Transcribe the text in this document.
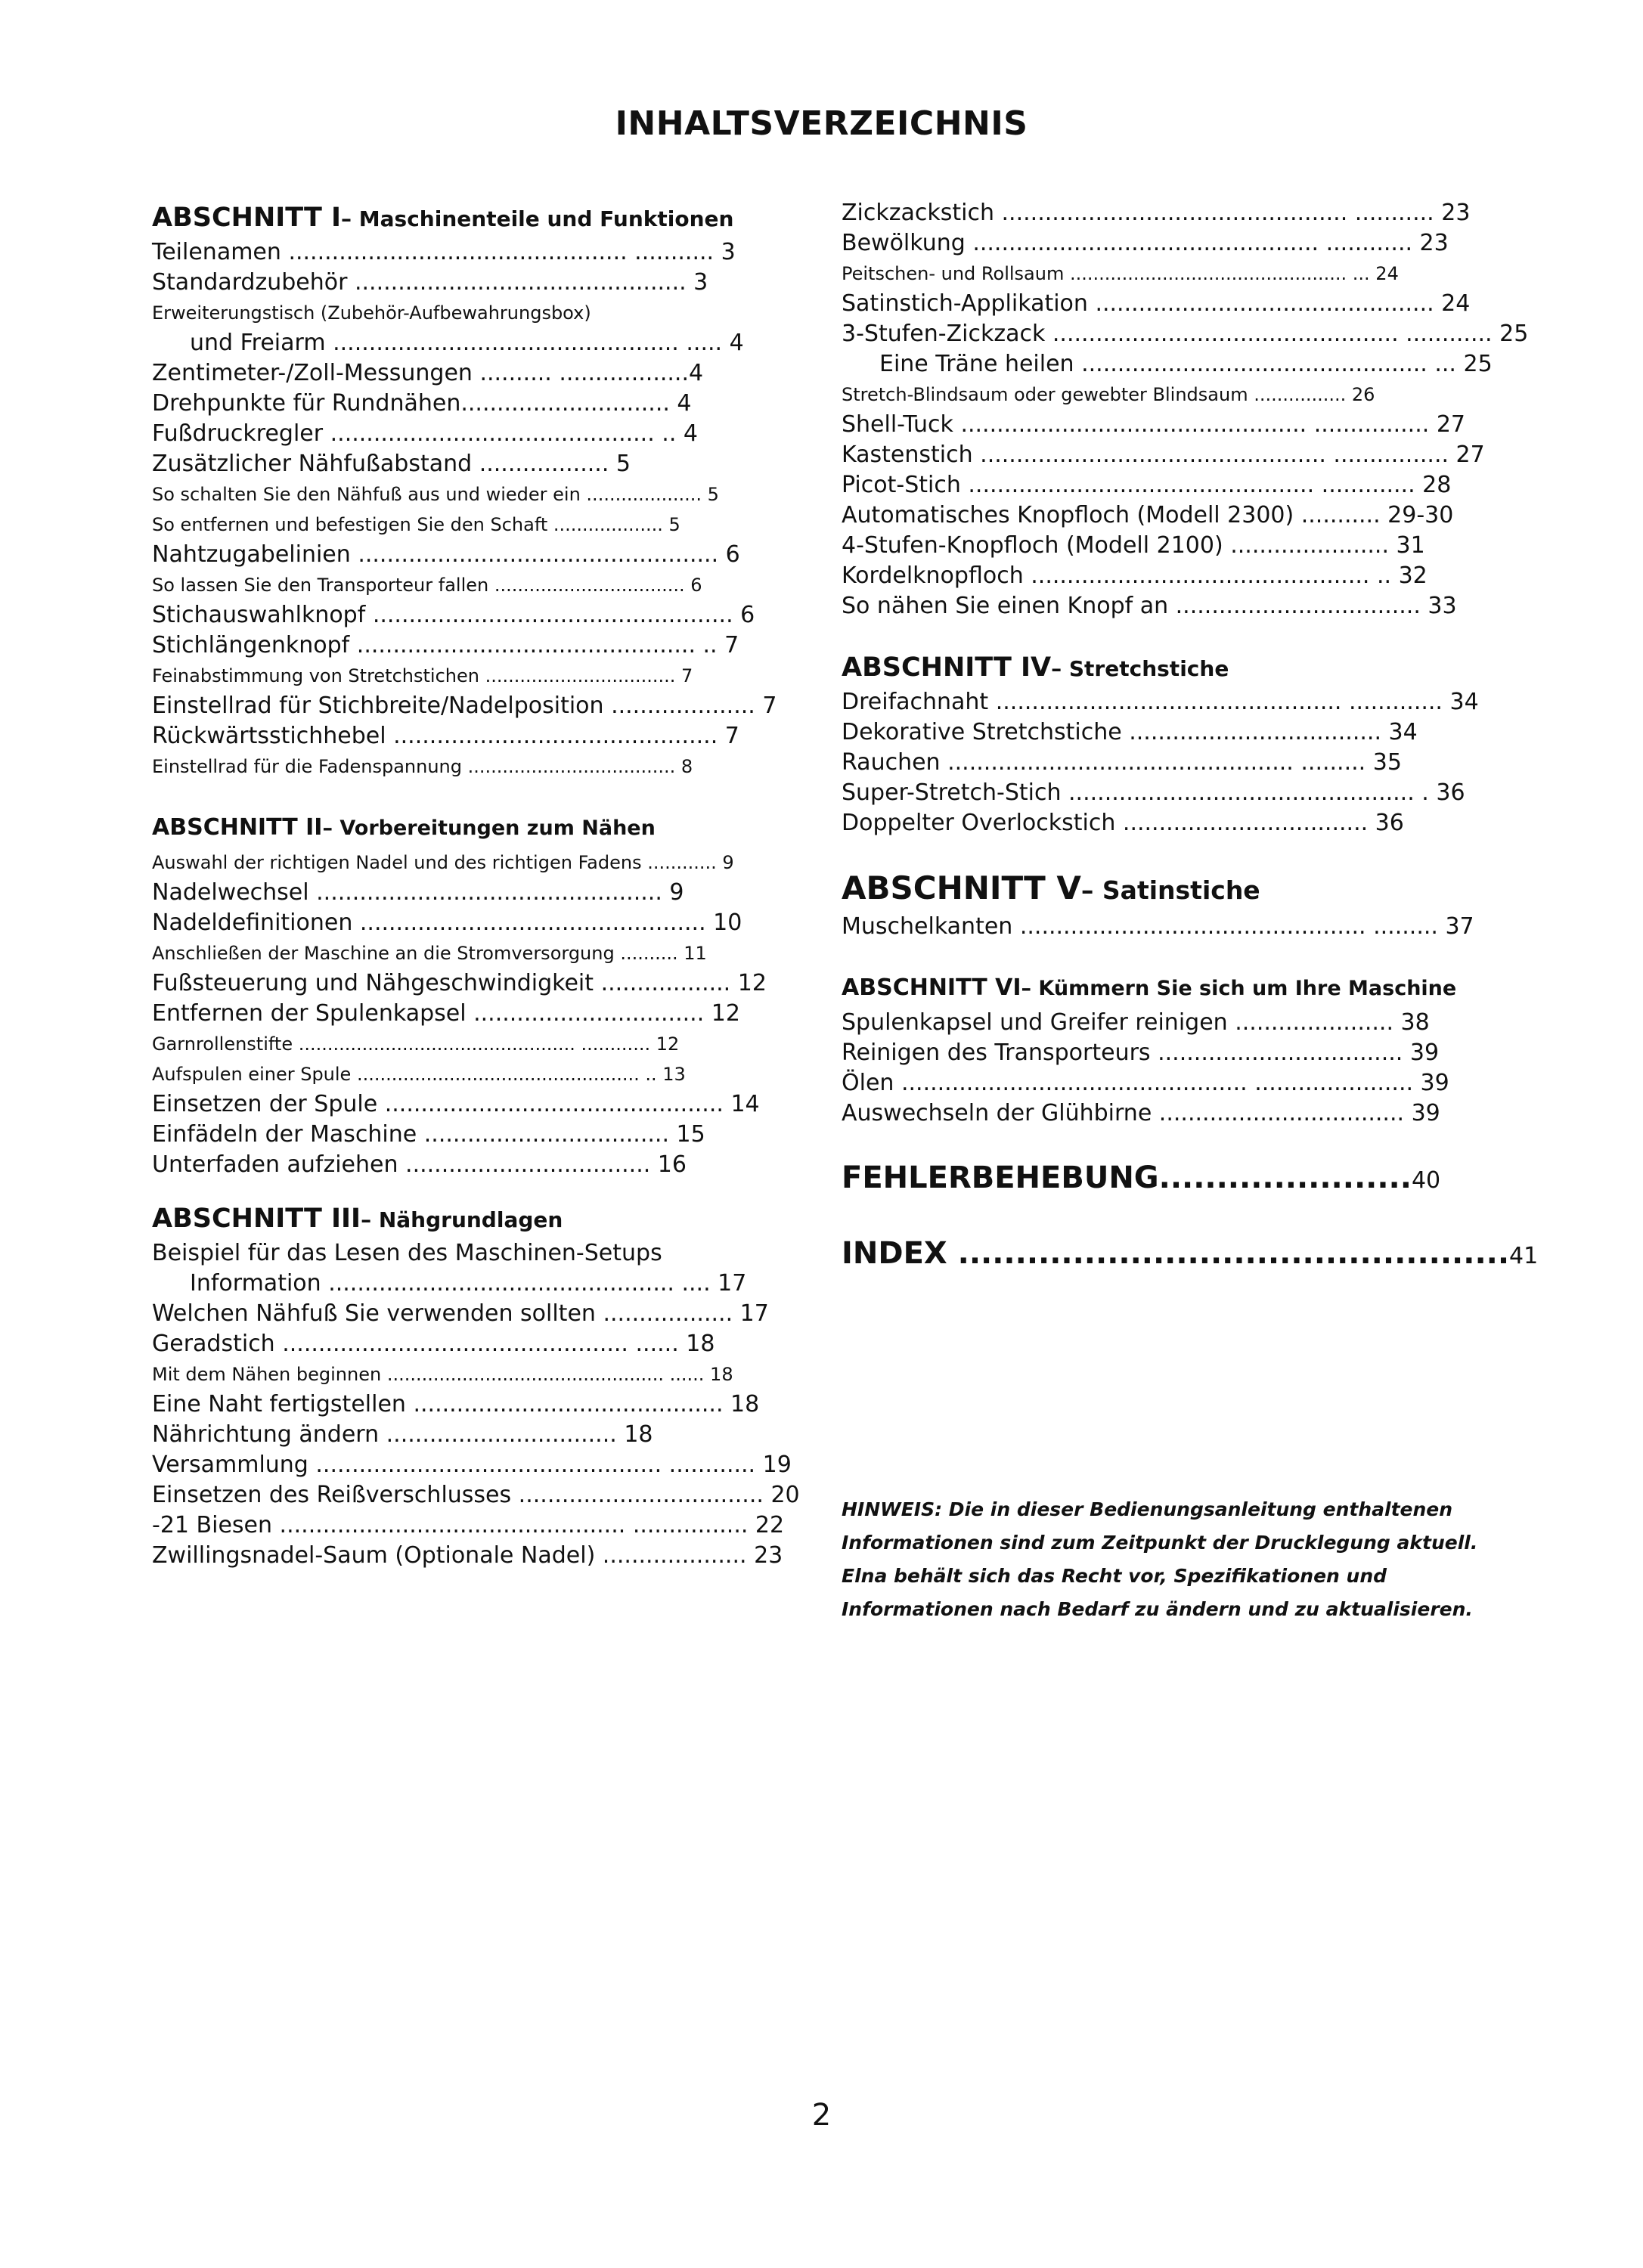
INHALTSVERZEICHNIS
ABSCHNITT I– Maschinenteile und Funktionen
Teilenamen ............................................... ........... 3
Standardzubehör .............................................. 3
Erweiterungstisch (Zubehör-Aufbewahrungsbox)
und Freiarm ................................................ ..... 4
Zentimeter-/Zoll-Messungen .......... ..................4
Drehpunkte für Rundnähen............................. 4
Fußdruckregler ............................................. .. 4
Zusätzlicher Nähfußabstand .................. 5
So schalten Sie den Nähfuß aus und wieder ein .................... 5
So entfernen und befestigen Sie den Schaft ................... 5
Nahtzugabelinien .................................................. 6
So lassen Sie den Transporteur fallen ................................. 6
Stichauswahlknopf .................................................. 6
Stichlängenknopf ............................................... .. 7
Feinabstimmung von Stretchstichen ................................. 7
Einstellrad für Stichbreite/Nadelposition .................... 7
Rückwärtsstichhebel ............................................. 7
Einstellrad für die Fadenspannung .................................... 8
ABSCHNITT II– Vorbereitungen zum Nähen
Auswahl der richtigen Nadel und des richtigen Fadens ............ 9
Nadelwechsel ................................................ 9
Nadeldefinitionen ................................................ 10
Anschließen der Maschine an die Stromversorgung .......... 11
Fußsteuerung und Nähgeschwindigkeit .................. 12
Entfernen der Spulenkapsel ................................ 12
Garnrollenstifte ................................................ ............ 12
Aufspulen einer Spule ................................................. .. 13
Einsetzen der Spule ............................................... 14
Einfädeln der Maschine .................................. 15
Unterfaden aufziehen .................................. 16
ABSCHNITT III– Nähgrundlagen
Beispiel für das Lesen des Maschinen-Setups
Information ................................................ .... 17
Welchen Nähfuß Sie verwenden sollten .................. 17
Geradstich ................................................ ...... 18
Mit dem Nähen beginnen ................................................ ...... 18
Eine Naht fertigstellen ........................................... 18
Nährichtung ändern ................................ 18
Versammlung ................................................ ............ 19
Einsetzen des Reißverschlusses .................................. 20
-21 Biesen ................................................ ................ 22
Zwillingsnadel-Saum (Optionale Nadel) .................... 23
Zickzackstich ................................................ ........... 23
Bewölkung ................................................ ............ 23
Peitschen- und Rollsaum ................................................ ... 24
Satinstich-Applikation ............................................... 24
3-Stufen-Zickzack ................................................ ............ 25
Eine Träne heilen ................................................ ... 25
Stretch-Blindsaum oder gewebter Blindsaum ................ 26
Shell-Tuck ................................................ ................ 27
Kastenstich ................................................ ................ 27
Picot-Stich ................................................ ............. 28
Automatisches Knopfloch (Modell 2300) ........... 29-30
4-Stufen-Knopfloch (Modell 2100) ...................... 31
Kordelknopfloch ............................................... .. 32
So nähen Sie einen Knopf an .................................. 33
ABSCHNITT IV– Stretchstiche
Dreifachnaht ................................................ ............. 34
Dekorative Stretchstiche ................................... 34
Rauchen ................................................ ......... 35
Super-Stretch-Stich ................................................ . 36
Doppelter Overlockstich .................................. 36
ABSCHNITT V– Satinstiche
Muschelkanten ................................................ ......... 37
ABSCHNITT VI– Kümmern Sie sich um Ihre Maschine
Spulenkapsel und Greifer reinigen ...................... 38
Reinigen des Transporteurs .................................. 39
Ölen ................................................ ...................... 39
Auswechseln der Glühbirne .................................. 39
FEHLERBEHEBUNG......................40
INDEX ................................................41
HINWEIS: Die in dieser Bedienungsanleitung enthaltenen Informationen sind zum Zeitpunkt der Drucklegung aktuell. Elna behält sich das Recht vor, Spezifikationen und Informationen nach Bedarf zu ändern und zu aktualisieren.
2
